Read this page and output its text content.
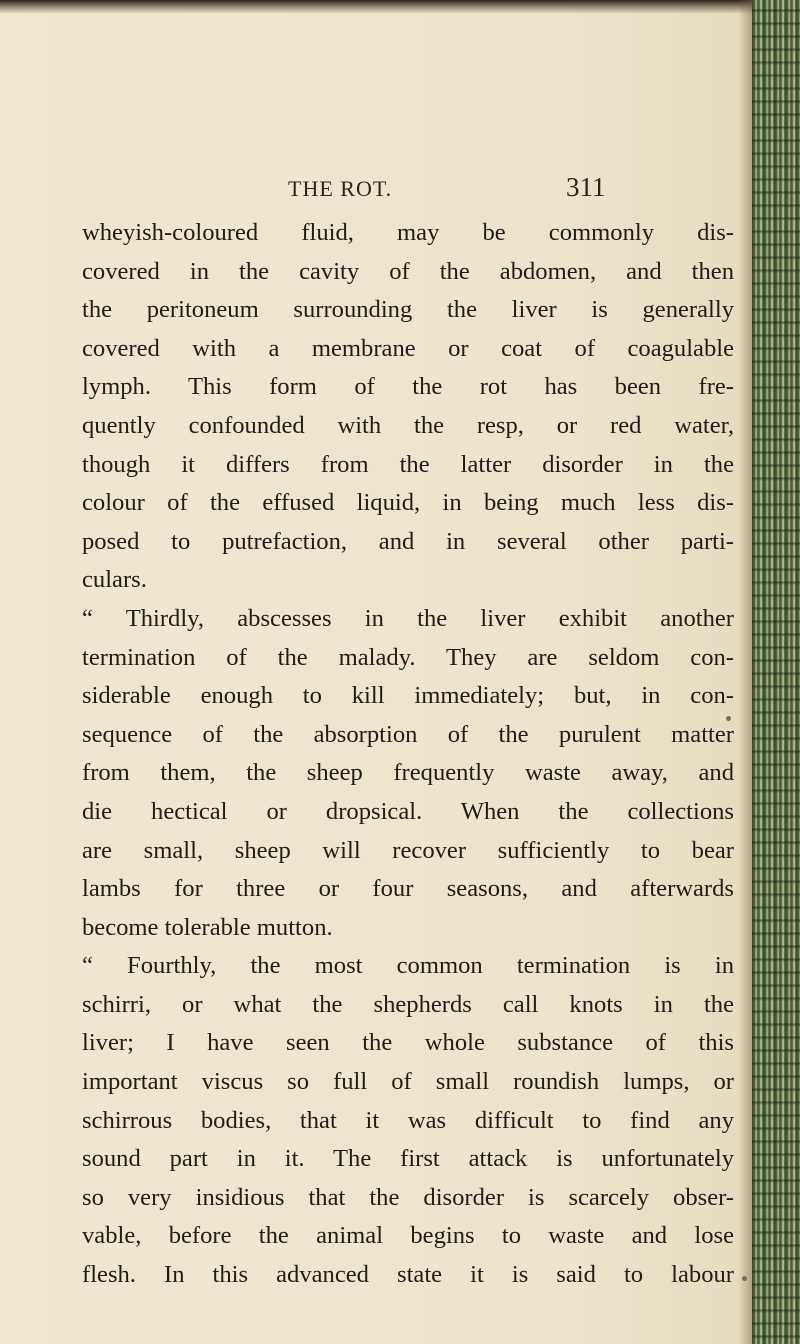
THE ROT.	311
wheyish-coloured fluid, may be commonly dis-
covered in the cavity of the abdomen, and then
the peritoneum surrounding the liver is generally
covered with a membrane or coat of coagulable
lymph. This form of the rot has been fre-
quently confounded with the resp, or red water,
though it differs from the latter disorder in the
colour of the effused liquid, in being much less dis-
posed to putrefaction, and in several other parti-
culars.
“ Thirdly, abscesses in the liver exhibit another
termination of the malady. They are seldom con-
siderable enough to kill immediately; but, in con-
sequence of the absorption of the purulent matter
from them, the sheep frequently waste away, and
die hectical or dropsical. When the collections
are small, sheep will recover sufficiently to bear
lambs for three or four seasons, and afterwards
become tolerable mutton.
“ Fourthly, the most common termination is in
schirri, or what the shepherds call knots in the
liver; I have seen the whole substance of this
important viscus so full of small roundish lumps, or
schirrous bodies, that it was difficult to find any
sound part in it. The first attack is unfortunately
so very insidious that the disorder is scarcely obser-
vable, before the animal begins to waste and lose
flesh. In this advanced state it is said to labour
